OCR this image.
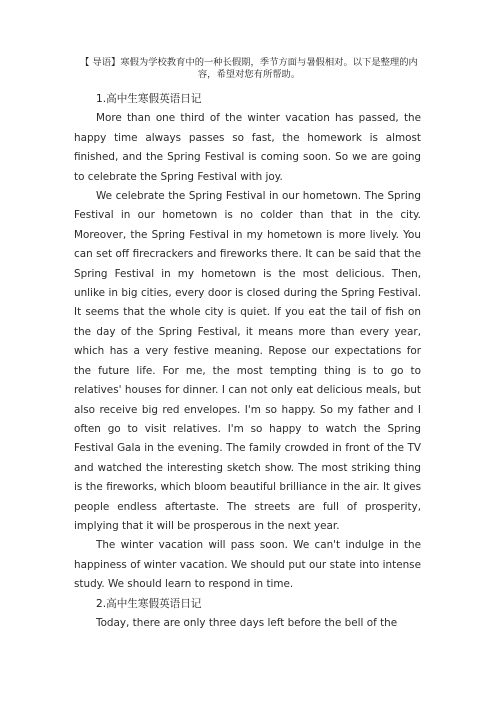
【 导语】寒假为学校教育中的一种长假期，季节方面与暑假相对。以下是整理的内容，希望对您有所帮助。

1.高中生寒假英语日记

More than one third of the winter vacation has passed, the happy time always passes so fast, the homework is almost finished, and the Spring Festival is coming soon. So we are going to celebrate the Spring Festival with joy.

We celebrate the Spring Festival in our hometown. The Spring Festival in our hometown is no colder than that in the city. Moreover, the Spring Festival in my hometown is more lively. You can set off firecrackers and fireworks there. It can be said that the Spring Festival in my hometown is the most delicious. Then, unlike in big cities, every door is closed during the Spring Festival. It seems that the whole city is quiet. If you eat the tail of fish on the day of the Spring Festival, it means more than every year, which has a very festive meaning. Repose our expectations for the future life. For me, the most tempting thing is to go to relatives' houses for dinner. I can not only eat delicious meals, but also receive big red envelopes. I'm so happy. So my father and I often go to visit relatives. I'm so happy to watch the Spring Festival Gala in the evening. The family crowded in front of the TV and watched the interesting sketch show. The most striking thing is the fireworks, which bloom beautiful brilliance in the air. It gives people endless aftertaste. The streets are full of prosperity, implying that it will be prosperous in the next year.

The winter vacation will pass soon. We can't indulge in the happiness of winter vacation. We should put our state into intense study. We should learn to respond in time.

2.高中生寒假英语日记

Today, there are only three days left before the bell of the
